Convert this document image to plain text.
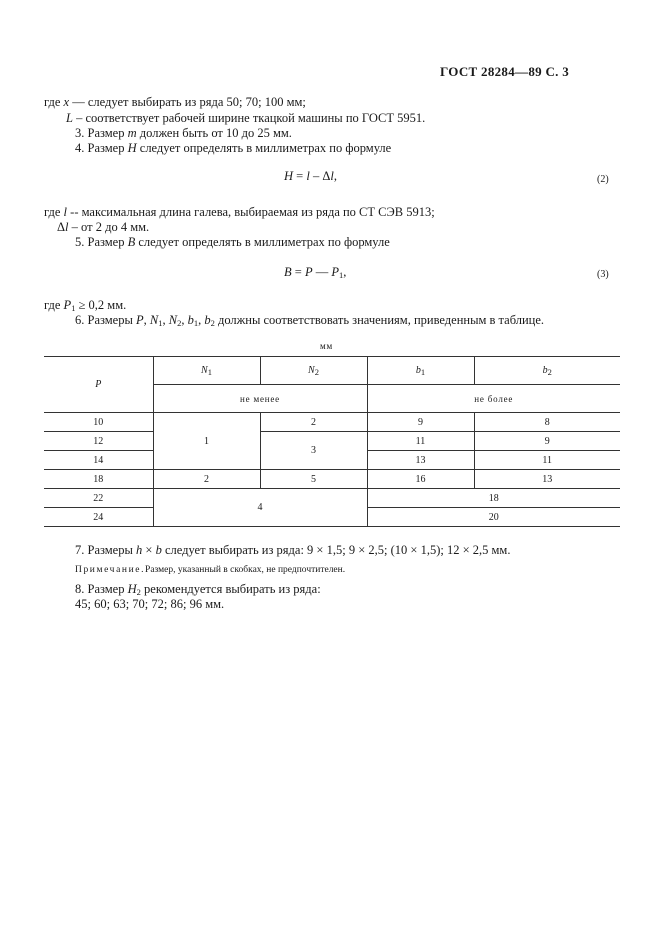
ГОСТ 28284—89 С. 3
где x — следует выбирать из ряда 50; 70; 100 мм;
L – соответствует рабочей ширине ткацкой машины по ГОСТ 5951.
3. Размер m должен быть от 10 до 25 мм.
4. Размер H следует определять в миллиметрах по формуле
H = l – Δl,	(2)
где l -- максимальная длина галева, выбираемая из ряда по СТ СЭВ 5913;
Δl – от 2 до 4 мм.
5. Размер B следует определять в миллиметрах по формуле
B = P — $P_1$,	(3)
где $P_1 \ge 0,2$ мм.
6. Размеры P, $N_1$, $N_2$, $b_1$, $b_2$ должны соответствовать значениям, приведенным в таблице.
мм
P	$N_1$	$N_2$	$b_1$	$b_2$
	не менее		не более	
10	1	2	9	8
12		3	11	9
14			13	11
18	2	5	16	13
22	4		18	
24			20	
7. Размеры h × b следует выбирать из ряда: 9 × 1,5; 9 × 2,5; (10 × 1,5); 12 × 2,5 мм.
Примечание.Размер, указанный в скобках, не предпочтителен.
8. Размер $H_2$ рекомендуется выбирать из ряда:
45; 60; 63; 70; 72; 86; 96 мм.
